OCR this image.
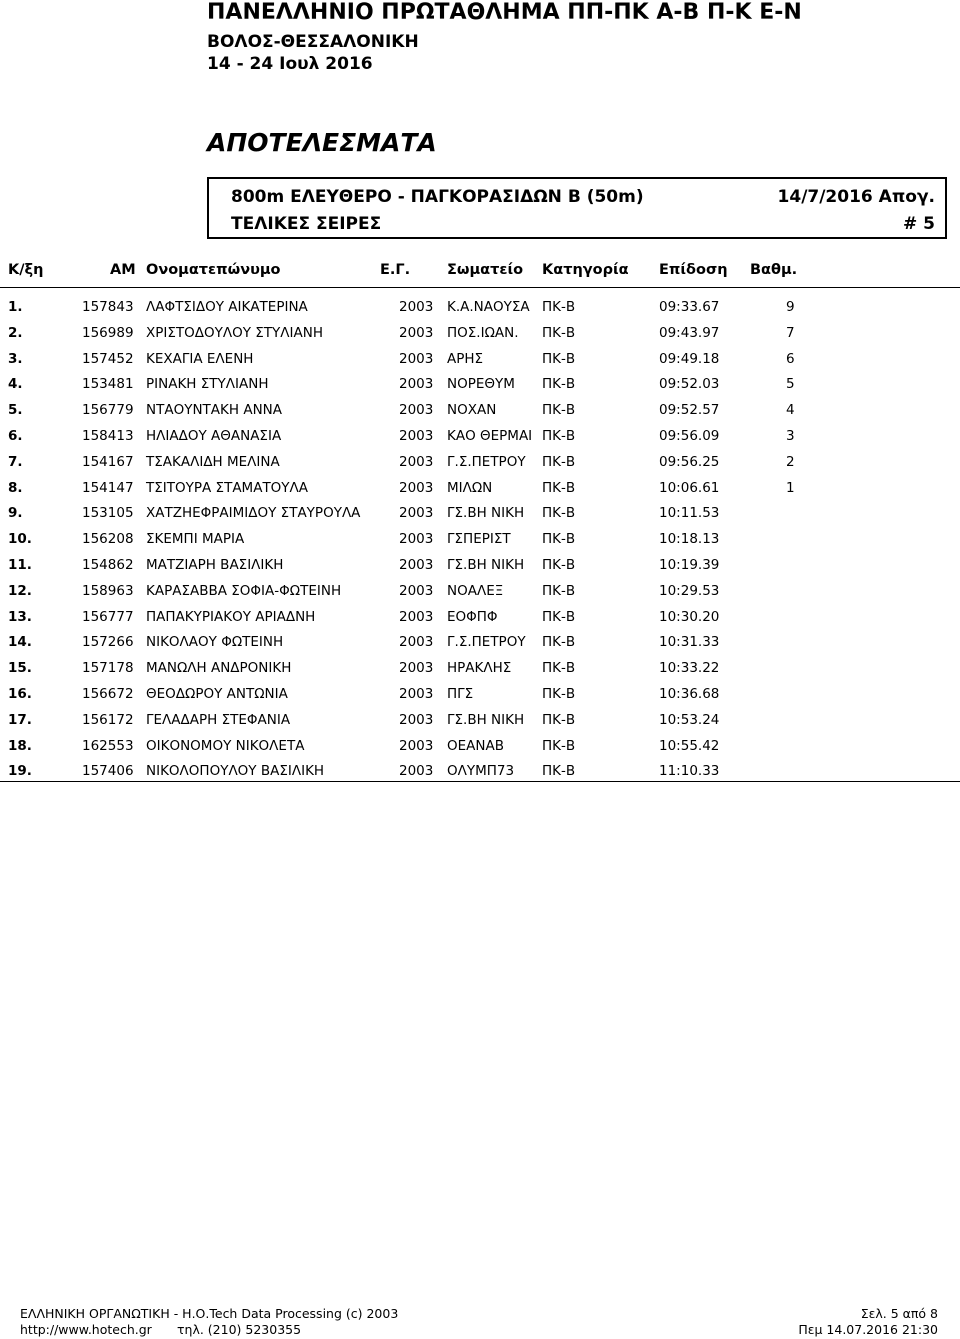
ΠΑΝΕΛΛΗΝΙΟ ΠΡΩΤΑΘΛΗΜΑ ΠΠ-ΠΚ Α-Β Π-Κ Ε-Ν
ΒΟΛΟΣ-ΘΕΣΣΑΛΟΝΙΚΗ
14 - 24 Ιουλ 2016
ΑΠΟΤΕΛΕΣΜΑΤΑ
800m ΕΛΕΥΘΕΡΟ - ΠΑΓΚΟΡΑΣΙΔΩΝ Β (50m)	14/7/2016 Απογ.
ΤΕΛΙΚΕΣ ΣΕΙΡΕΣ	# 5
Κ/ξη	ΑΜ Ονοματεπώνυμο	Ε.Γ.	Σωματείο Κατηγορία Επίδοση Βαθμ.
1.	157843 ΛΑΦΤΣΙΔΟΥ ΑΙΚΑΤΕΡΙΝΑ	2003 Κ.Α.ΝΑΟΥΣΑ ΠΚ-Β	09:33.67	9
2.	156989 ΧΡΙΣΤΟΔΟΥΛΟΥ ΣΤΥΛΙΑΝΗ	2003 ΠΟΣ.ΙΩΑΝ. ΠΚ-Β	09:43.97	7
3.	157452 ΚΕΧΑΓΙΑ ΕΛΕΝΗ	2003 ΑΡΗΣ	ΠΚ-Β	09:49.18	6
4.	153481 ΡΙΝΑΚΗ ΣΤΥΛΙΑΝΗ	2003 ΝΟΡΕΘΥΜ ΠΚ-Β	09:52.03	5
5.	156779 ΝΤΑΟΥΝΤΑΚΗ ΑΝΝΑ	2003 ΝΟΧΑΝ	ΠΚ-Β	09:52.57	4
6.	158413 ΗΛΙΑΔΟΥ ΑΘΑΝΑΣΙΑ	2003 ΚΑΟ ΘΕΡΜΑΙ ΠΚ-Β	09:56.09	3
7.	154167 ΤΣΑΚΑΛΙΔΗ ΜΕΛΙΝΑ	2003 Γ.Σ.ΠΕΤΡΟΥ ΠΚ-Β	09:56.25	2
8.	154147 ΤΣΙΤΟΥΡΑ ΣΤΑΜΑΤΟΥΛΑ	2003 ΜΙΛΩΝ	ΠΚ-Β	10:06.61	1
9.	153105 ΧΑΤΖΗΕΦΡΑΙΜΙΔΟΥ ΣΤΑΥΡΟΥΛΑ	2003 ΓΣ.ΒΗ ΝΙΚΗ ΠΚ-Β	10:11.53
10.	156208 ΣΚΕΜΠΙ ΜΑΡΙΑ	2003 ΓΣΠΕΡΙΣΤ ΠΚ-Β	10:18.13
11.	154862 ΜΑΤΖΙΑΡΗ ΒΑΣΙΛΙΚΗ	2003 ΓΣ.ΒΗ ΝΙΚΗ ΠΚ-Β	10:19.39
12.	158963 ΚΑΡΑΣΑΒΒΑ ΣΟΦΙΑ-ΦΩΤΕΙΝΗ	2003 ΝΟΑΛΕΞ	ΠΚ-Β	10:29.53
13.	156777 ΠΑΠΑΚΥΡΙΑΚΟΥ ΑΡΙΑΔΝΗ	2003 ΕΟΦΠΦ	ΠΚ-Β	10:30.20
14.	157266 ΝΙΚΟΛΑΟΥ ΦΩΤΕΙΝΗ	2003 Γ.Σ.ΠΕΤΡΟΥ ΠΚ-Β	10:31.33
15.	157178 ΜΑΝΩΛΗ ΑΝΔΡΟΝΙΚΗ	2003 ΗΡΑΚΛΗΣ ΠΚ-Β	10:33.22
16.	156672 ΘΕΟΔΩΡΟΥ ΑΝΤΩΝΙΑ	2003 ΠΓΣ	ΠΚ-Β	10:36.68
17.	156172 ΓΕΛΑΔΑΡΗ ΣΤΕΦΑΝΙΑ	2003 ΓΣ.ΒΗ ΝΙΚΗ ΠΚ-Β	10:53.24
18.	162553 ΟΙΚΟΝΟΜΟΥ ΝΙΚΟΛΕΤΑ	2003 ΟΕΑΝΑΒ	ΠΚ-Β	10:55.42
19.	157406 ΝΙΚΟΛΟΠΟΥΛΟΥ ΒΑΣΙΛΙΚΗ	2003 ΟΛΥΜΠ73 ΠΚ-Β	11:10.33
ΕΛΛΗΝΙΚΗ ΟΡΓΑΝΩΤΙΚΗ - Η.Ο.Tech Data Processing (c) 2003
http://www.hotech.gr τηλ. (210) 5230355
Σελ. 5 από 8
Πεμ 14.07.2016 21:30
